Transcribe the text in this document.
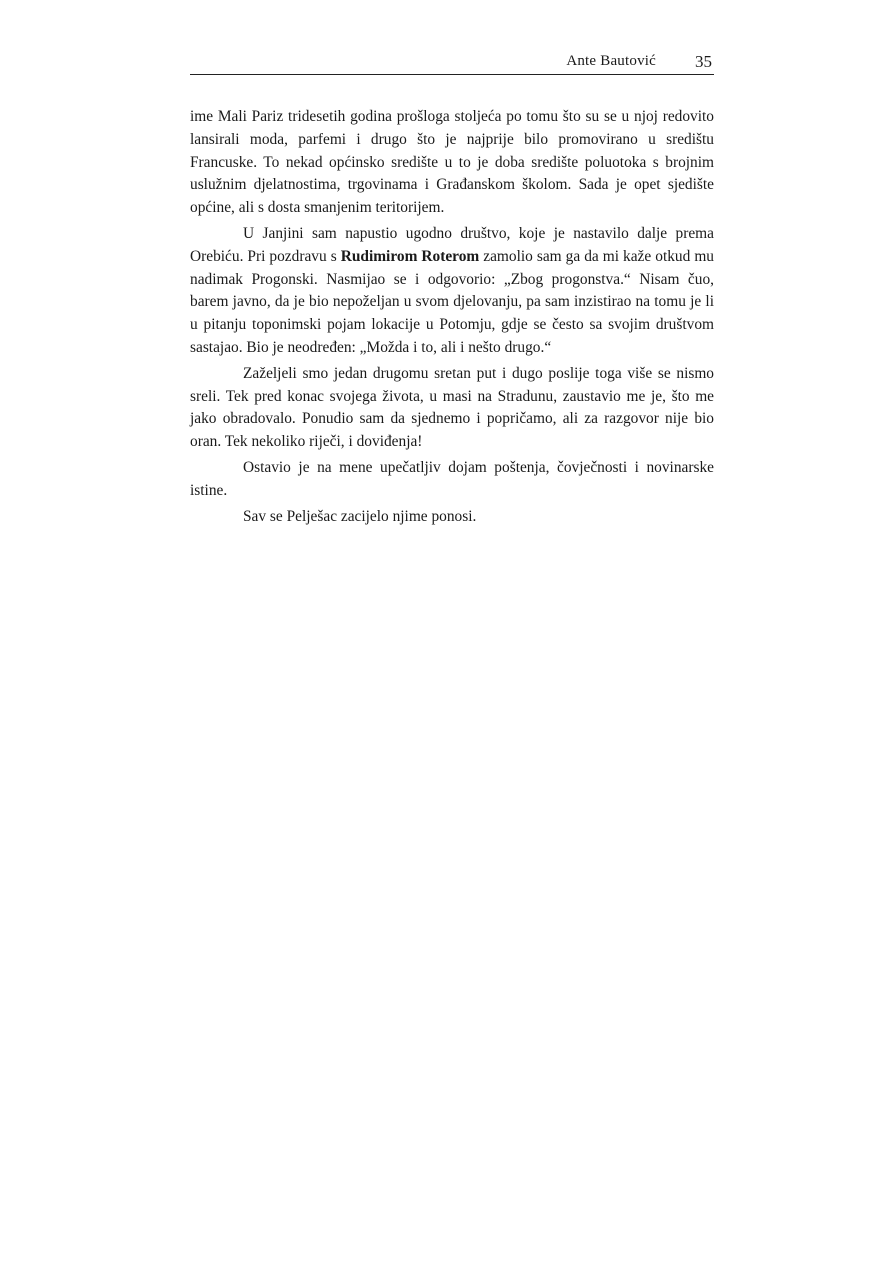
Ante Bautović 35

ime Mali Pariz tridesetih godina prošloga stoljeća po tomu što su se u njoj redovito lansirali moda, parfemi i drugo što je najprije bilo promovirano u središtu Francuske. To nekad općinsko središte u to je doba središte poluotoka s brojnim uslužnim djelatnostima, trgovinama i Građanskom školom. Sada je opet sjedište općine, ali s dosta smanjenim teritorijem.

U Janjini sam napustio ugodno društvo, koje je nastavilo dalje prema Orebiću. Pri pozdravu s Rudimirom Roterom zamolio sam ga da mi kaže otkud mu nadimak Progonski. Nasmijao se i odgovorio: „Zbog progonstva.“ Nisam čuo, barem javno, da je bio nepoželjan u svom djelovanju, pa sam inzistirao na tomu je li u pitanju toponimski pojam lokacije u Potomju, gdje se često sa svojim društvom sastajao. Bio je neodređen: „Možda i to, ali i nešto drugo.“

Zaželjeli smo jedan drugomu sretan put i dugo poslije toga više se nismo sreli. Tek pred konac svojega života, u masi na Stradunu, zaustavio me je, što me jako obradovalo. Ponudio sam da sjednemo i popričamo, ali za razgovor nije bio oran. Tek nekoliko riječi, i doviđenja!

Ostavio je na mene upečatljiv dojam poštenja, čovječnosti i novinarske istine.

Sav se Pelješac zacijelo njime ponosi.
